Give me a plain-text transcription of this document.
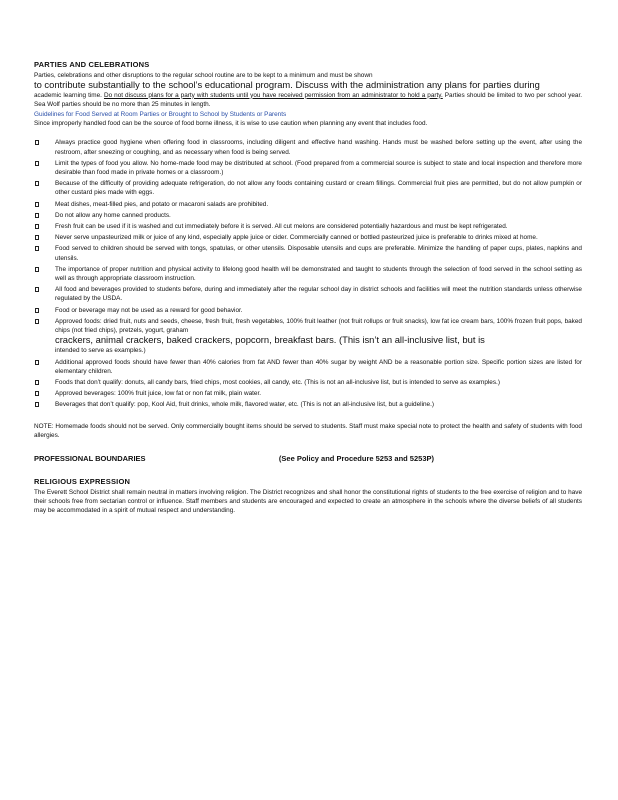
PARTIES AND CELEBRATIONS

Parties, celebrations and other disruptions to the regular school routine are to be kept to a minimum and must be shown

to contribute substantially to the school’s educational program. Discuss with the administration any plans for parties during

academic learning time. Do not discuss plans for a party with students until you have received permission from an administrator to hold a party. Parties should be limited to two per school year. Sea Wolf parties should be no more than 25 minutes in length.

Guidelines for Food Served at Room Parties or Brought to School by Students or Parents

Since improperly handled food can be the source of food borne illness, it is wise to use caution when planning any event that includes food.

Always practice good hygiene when offering food in classrooms, including diligent and effective hand washing. Hands must be washed before setting up the event, after using the restroom, after sneezing or coughing, and as necessary when food is being served.
Limit the types of food you allow. No home-made food may be distributed at school. (Food prepared from a commercial source is subject to state and local inspection and therefore more desirable than food made in private homes or a classroom.)
Because of the difficulty of providing adequate refrigeration, do not allow any foods containing custard or cream fillings. Commercial fruit pies are permitted, but do not allow pumpkin or other custard pies made with eggs.
Meat dishes, meat-filled pies, and potato or macaroni salads are prohibited.
Do not allow any home canned products.
Fresh fruit can be used if it is washed and cut immediately before it is served. All cut melons are considered potentially hazardous and must be kept refrigerated.
Never serve unpasteurized milk or juice of any kind, especially apple juice or cider. Commercially canned or bottled pasteurized juice is preferable to drinks mixed at home.
Food served to children should be served with tongs, spatulas, or other utensils. Disposable utensils and cups are preferable. Minimize the handling of paper cups, plates, napkins and utensils.
The importance of proper nutrition and physical activity to lifelong good health will be demonstrated and taught to students through the selection of food served in the school setting as well as through appropriate classroom instruction.
All food and beverages provided to students before, during and immediately after the regular school day in district schools and facilities will meet the nutrition standards unless otherwise regulated by the USDA.
Food or beverage may not be used as a reward for good behavior.
Approved foods: dried fruit, nuts and seeds, cheese, fresh fruit, fresh vegetables, 100% fruit leather (not fruit rollups or fruit snacks), low fat ice cream bars, 100% frozen fruit pops, baked chips (not fried chips), pretzels, yogurt, graham
crackers, animal crackers, baked crackers, popcorn, breakfast bars. (This isn’t an all-inclusive list, but is
intended to serve as examples.)
Additional approved foods should have fewer than 40% calories from fat AND fewer than 40% sugar by weight AND be a reasonable portion size. Specific portion sizes are listed for elementary children.
Foods that don’t qualify: donuts, all candy bars, fried chips, most cookies, all candy, etc. (This is not an all-inclusive list, but is intended to serve as examples.)
Approved beverages: 100% fruit juice, low fat or non fat milk, plain water.
Beverages that don’t qualify: pop, Kool Aid, fruit drinks, whole milk, flavored water, etc. (This is not an all-inclusive list, but a guideline.)

NOTE: Homemade foods should not be served. Only commercially bought items should be served to students. Staff must make special note to protect the health and safety of students with food allergies.

PROFESSIONAL BOUNDARIES	(See Policy and Procedure 5253 and 5253P)
RELIGIOUS EXPRESSION

The Everett School District shall remain neutral in matters involving religion. The District recognizes and shall honor the constitutional rights of students to the free exercise of religion and to have their schools free from sectarian control or influence. Staff members and students are encouraged and expected to create an atmosphere in the schools where the diverse beliefs of all students may be accommodated in a spirit of mutual respect and understanding.
